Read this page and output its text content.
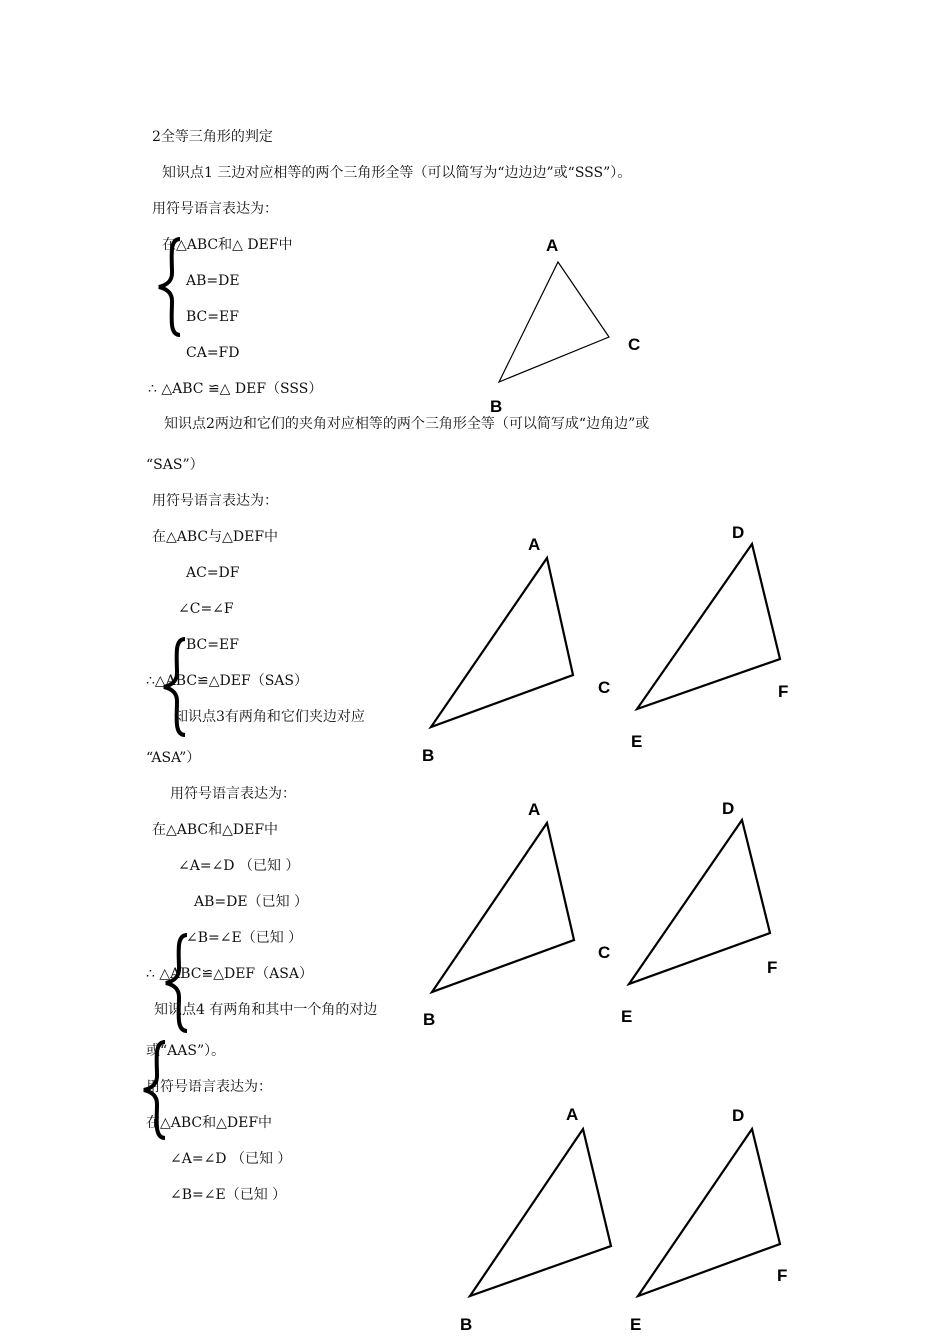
2全等三角形的判定
知识点1 三边对应相等的两个三角形全等（可以简写为“边边边”或“SSS”）。
用符号语言表达为：
在△ABC和△ DEF中
AB=DE
BC=EF
CA=FD
∴ △ABC ≌△ DEF（SSS）
A
C
B
知识点2两边和它们的夹角对应相等的两个三角形全等（可以简写成“边角边”或
“SAS”）
用符号语言表达为：
在△ABC与△DEF中
AC=DF
∠C=∠F
BC=EF
∴△ABC≌△DEF（SAS）
知识点3有两角和它们夹边对应
“ASA”）
用符号语言表达为：
在△ABC和△DEF中
∠A=∠D （已知 ）
AB=DE（已知 ）
∠B=∠E（已知 ）
∴ △ABC≌△DEF（ASA）
知识点4 有两角和其中一个角的对边
或“AAS”）。
用符号语言表达为：
在△ABC和△DEF中
∠A=∠D （已知 ）
∠B=∠E（已知 ）
A
C
B
D
F
E
A
C
B
D
F
E
A
B
D
F
E
